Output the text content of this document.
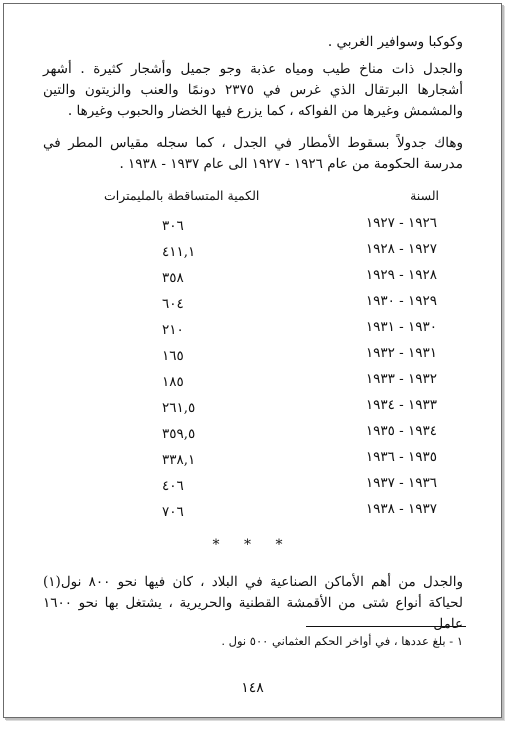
وكوكبا وسوافير الغربي .

والجدل ذات مناخ طيب ومياه عذبة وجو جميل وأشجار كثيرة . أشهر أشجارها البرتقال الذي غرس في ٢٣٧٥ دونمًا والعنب والزيتون والتين والمشمش وغيرها من الفواكه ، كما يزرع فيها الخضار والحبوب وغيرها .

وهاك جدولاً بسقوط الأمطار في الجدل ، كما سجله مقياس المطر في مدرسة الحكومة من عام ١٩٢٦ - ١٩٢٧ الى عام ١٩٣٧ - ١٩٣٨ .

السنة
الكمية المتساقطة بالمليمترات
١٩٢٦ - ١٩٢٧
٣٠٦
١٩٢٧ - ١٩٢٨
٤١١,١
١٩٢٨ - ١٩٢٩
٣٥٨
١٩٢٩ - ١٩٣٠
٦٠٤
١٩٣٠ - ١٩٣١
٢١٠
١٩٣١ - ١٩٣٢
١٦٥
١٩٣٢ - ١٩٣٣
١٨٥
١٩٣٣ - ١٩٣٤
٢٦١,٥
١٩٣٤ - ١٩٣٥
٣٥٩,٥
١٩٣٥ - ١٩٣٦
٣٣٨,١
١٩٣٦ - ١٩٣٧
٤٠٦
١٩٣٧ - ١٩٣٨
٧٠٦
* * *

والجدل من أهم الأماكن الصناعية في البلاد ، كان فيها نحو ٨٠٠ نول(١) لحياكة أنواع شتى من الأقمشة القطنية والحريرية ، يشتغل بها نحو ١٦٠٠ عامل

١ - بلغ عددها ، في أواخر الحكم العثماني ٥٠٠ نول .
١٤٨
